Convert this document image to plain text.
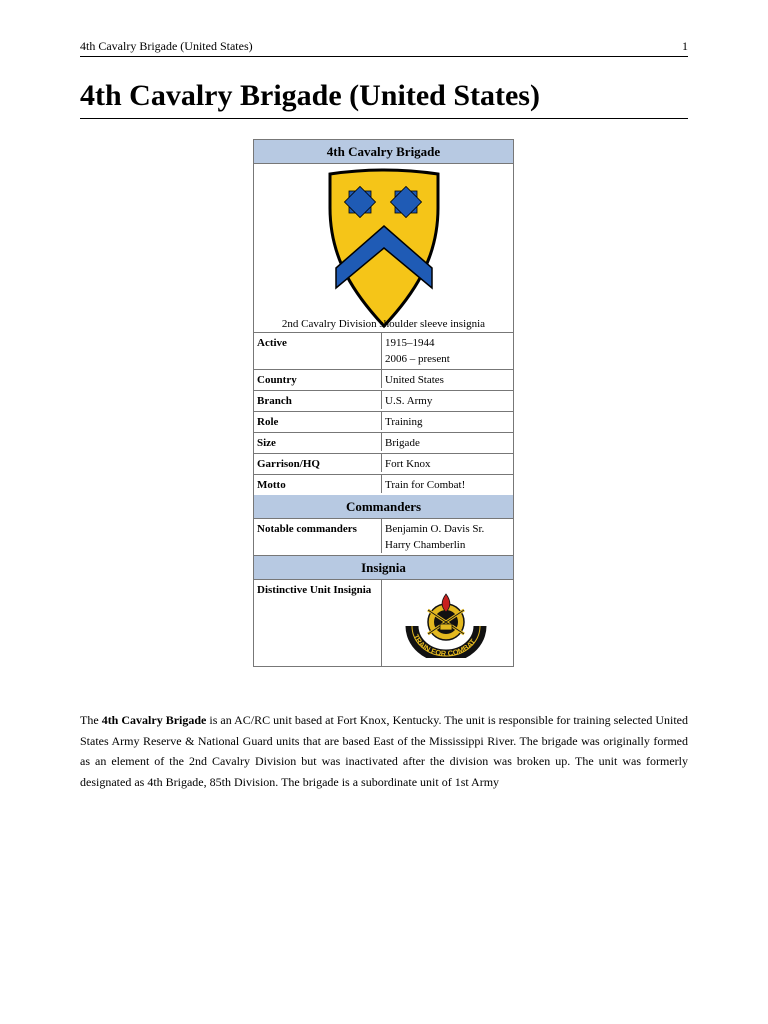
4th Cavalry Brigade (United States)	1
4th Cavalry Brigade (United States)
4th Cavalry Brigade
2nd Cavalry Division shoulder sleeve insignia
Active	1915–1944
2006 – present
Country	United States
Branch	U.S. Army
Role	Training
Size	Brigade
Garrison/HQ	Fort Knox
Motto	Train for Combat!
Commanders
Notable commanders	Benjamin O. Davis Sr.
Harry Chamberlin
Insignia
Distinctive Unit Insignia
TRAIN FOR COMBAT

The 4th Cavalry Brigade is an AC/RC unit based at Fort Knox, Kentucky. The unit is responsible for training selected United States Army Reserve & National Guard units that are based East of the Mississippi River. The brigade was originally formed as an element of the 2nd Cavalry Division but was inactivated after the division was broken up. The unit was formerly designated as 4th Brigade, 85th Division. The brigade is a subordinate unit of 1st Army
